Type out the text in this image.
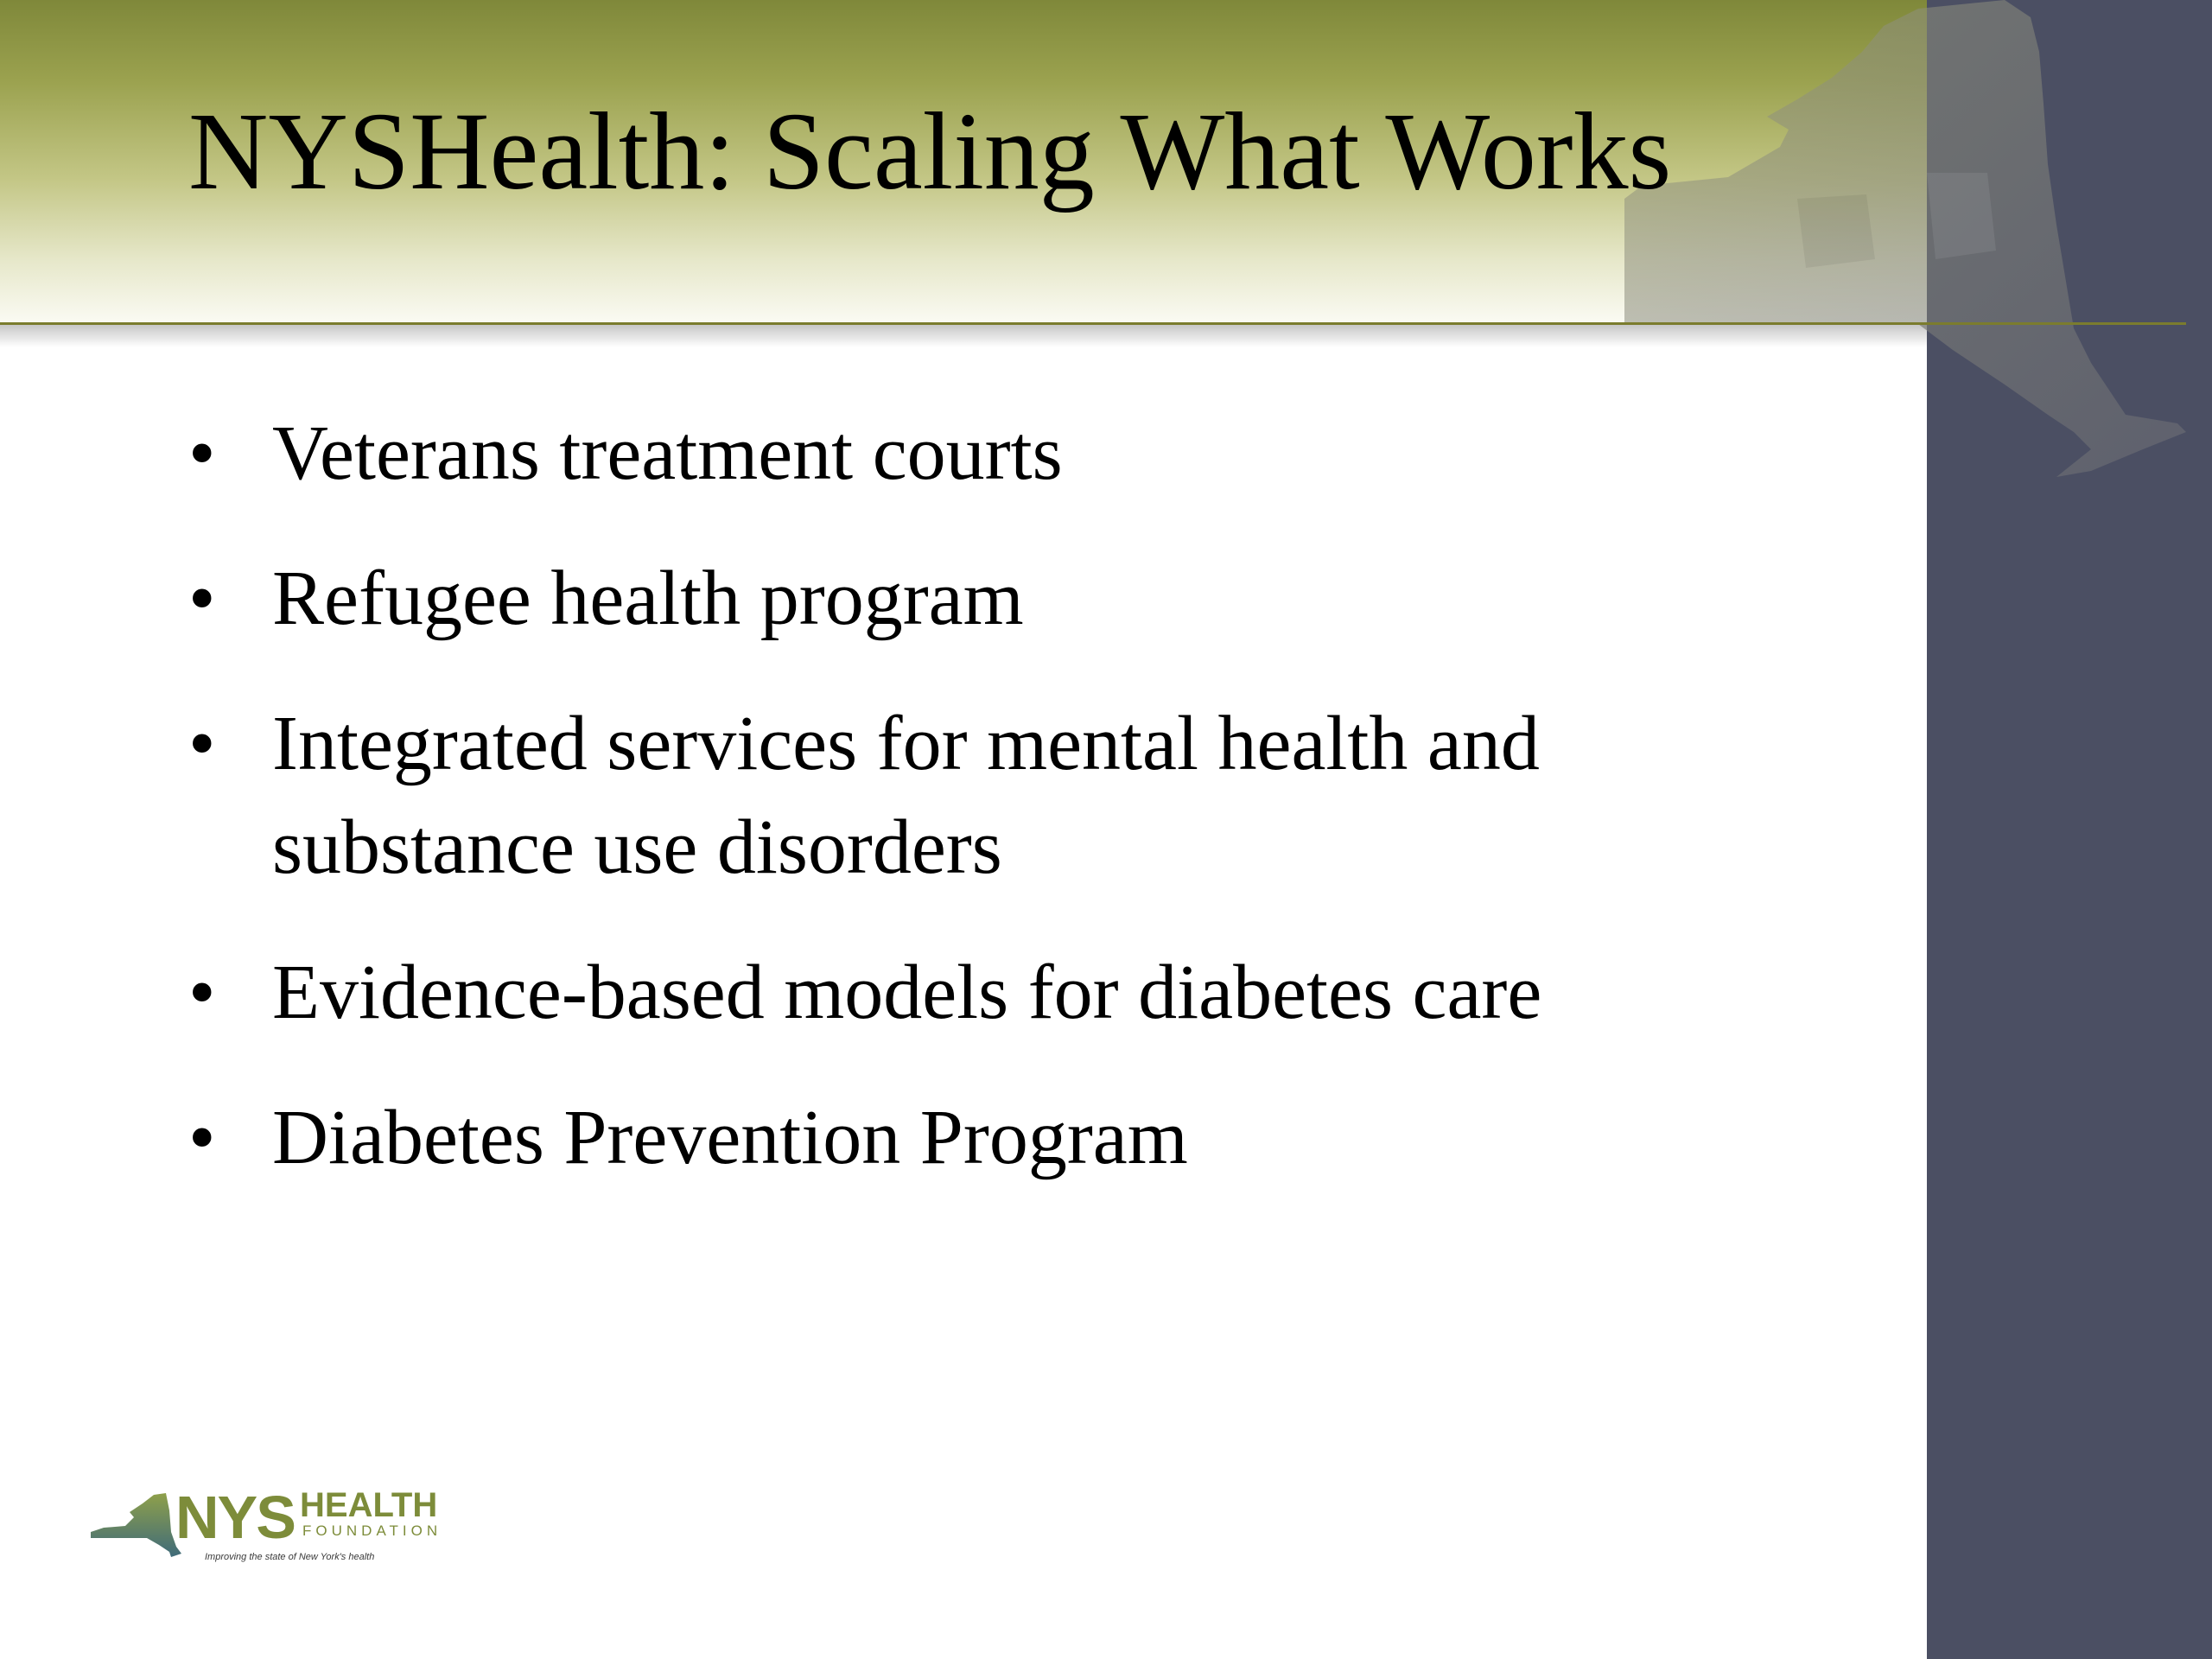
NYSHealth: Scaling What Works
• Veterans treatment courts
• Refugee health program
• Integrated services for mental health and substance use disorders
• Evidence-based models for diabetes care
• Diabetes Prevention Program
NYS HEALTH
FOUNDATION
Improving the state of New York's health
